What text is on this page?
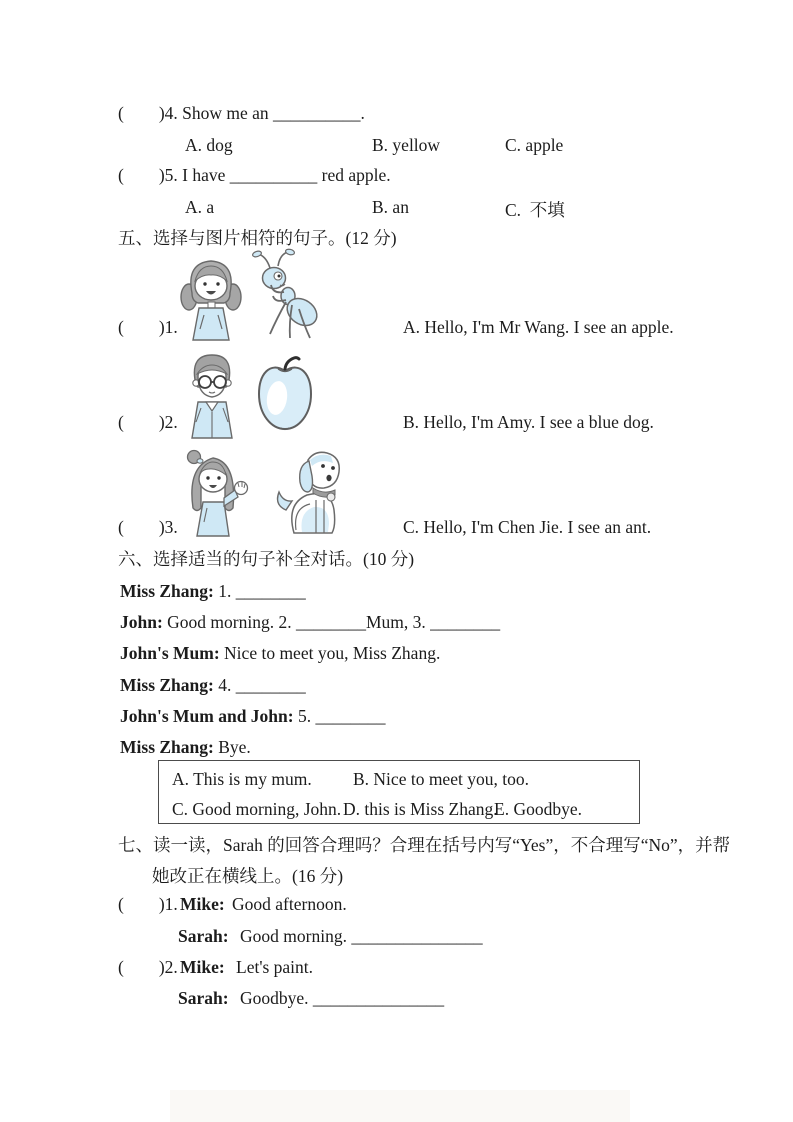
(        )4. Show me an __________.
A. dog	B. yellow	C. apple
(        )5. I have __________ red apple.
A. a	B. an	C.  不填
五、选择与图片相符的句子。(12 分)
(        )1.	A. Hello, I'm Mr Wang. I see an apple.
(        )2.	B. Hello, I'm Amy. I see a blue dog.
(        )3.	C. Hello, I'm Chen Jie. I see an ant.
六、选择适当的句子补全对话。(10 分)
Miss Zhang: 1. ________
John: Good morning. 2. ________Mum, 3. ________
John's Mum: Nice to meet you, Miss Zhang.
Miss Zhang: 4. ________
John's Mum and John: 5. ________
Miss Zhang: Bye.
A. This is my mum. B. Nice to meet you, too.
C. Good morning, John. D. this is Miss Zhang.
E. Goodbye.
七、读一读，Sarah 的回答合理吗？合理在括号内写“Yes”，不合理写“No”，并帮
她改正在横线上。(16 分)
(        )1. Mike: Good afternoon.
Sarah: Good morning. _______________
(        )2. Mike: Let's paint.
Sarah: Goodbye. _______________
